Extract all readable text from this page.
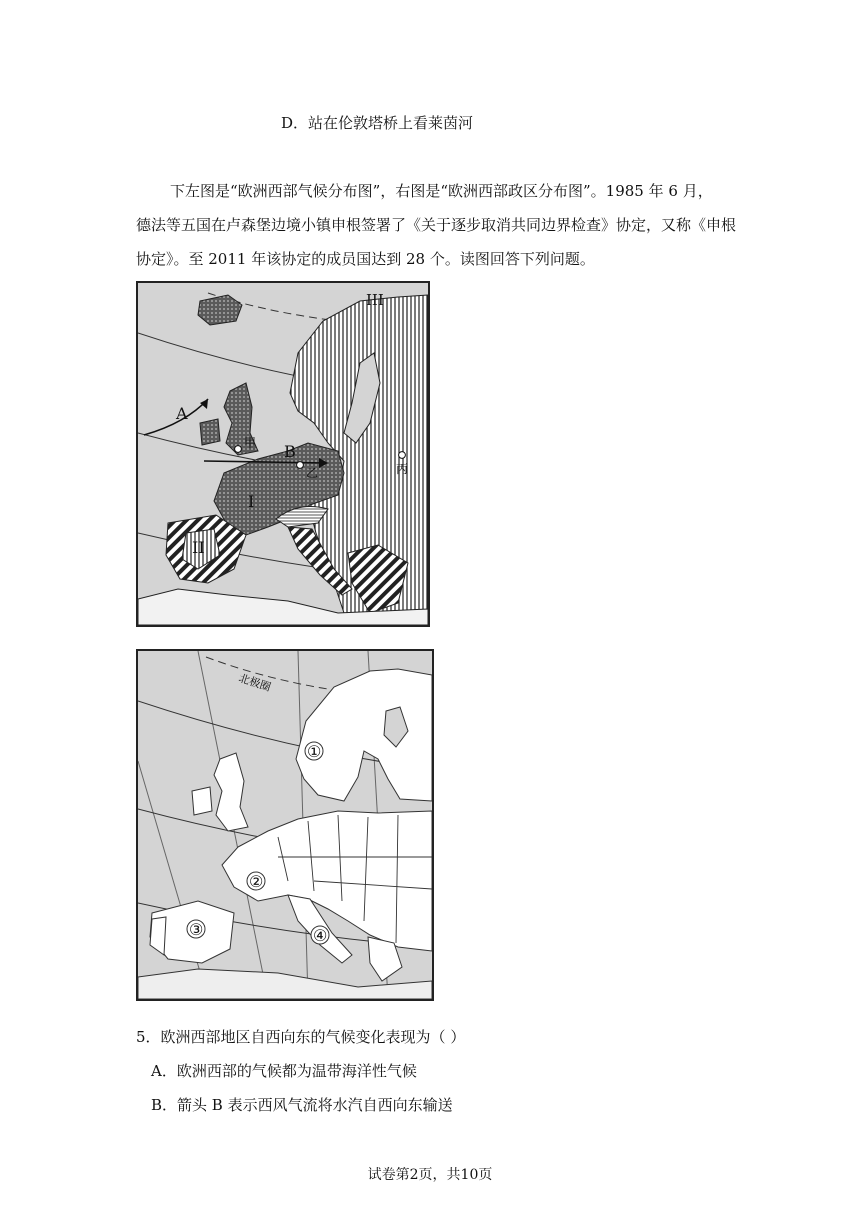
D．站在伦敦塔桥上看莱茵河
下左图是“欧洲西部气候分布图”，右图是“欧洲西部政区分布图”。1985 年 6 月，
德法等五国在卢森堡边境小镇申根签署了《关于逐步取消共同边界检查》协定，又称《申根
协定》。至 2011 年该协定的成员国达到 28 个。读图回答下列问题。
A
B
I
II
III
甲
乙	丙
北极圈
①
②
③	④
5．欧洲西部地区自西向东的气候变化表现为（ ）
A．欧洲西部的气候都为温带海洋性气候
B．箭头 B 表示西风气流将水汽自西向东输送
试卷第2页，共10页
